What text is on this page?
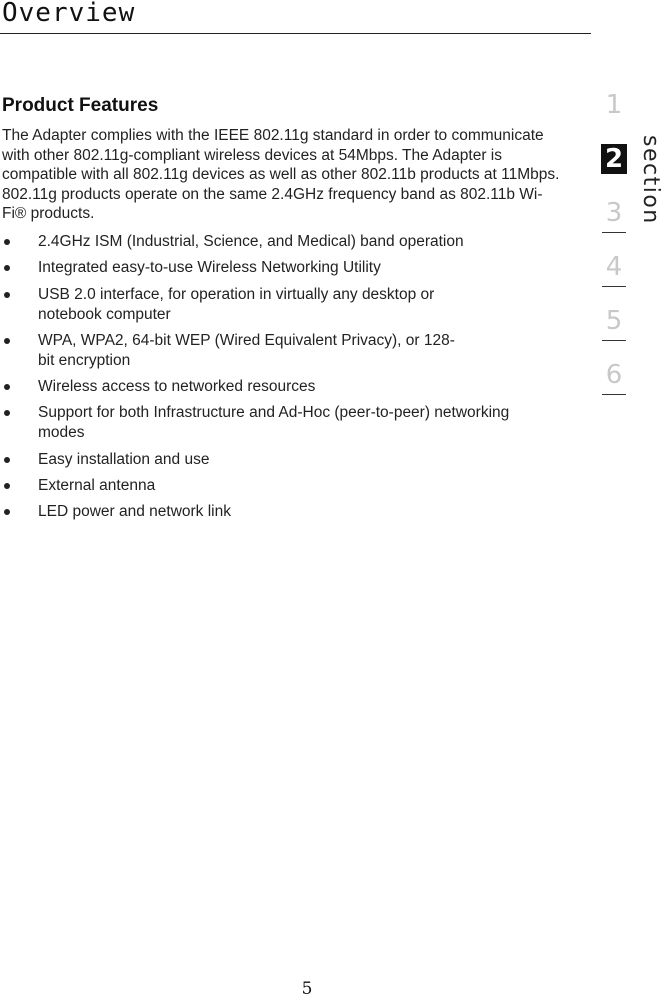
Overview
Product Features

The Adapter complies with the IEEE 802.11g standard in order to communicate with other 802.11g-compliant wireless devices at 54Mbps. The Adapter is compatible with all 802.11g devices as well as other 802.11b products at 11Mbps. 802.11g products operate on the same 2.4GHz frequency band as 802.11b Wi-Fi® products.

2.4GHz ISM (Industrial, Science, and Medical) band operation
Integrated easy-to-use Wireless Networking Utility
USB 2.0 interface, for operation in virtually any desktop or notebook computer
WPA, WPA2, 64-bit WEP (Wired Equivalent Privacy), or 128-bit encryption
Wireless access to networked resources
Support for both Infrastructure and Ad-Hoc (peer-to-peer) networking modes
Easy installation and use
External antenna
LED power and network link
1
2
3
4
5
6
section
5
